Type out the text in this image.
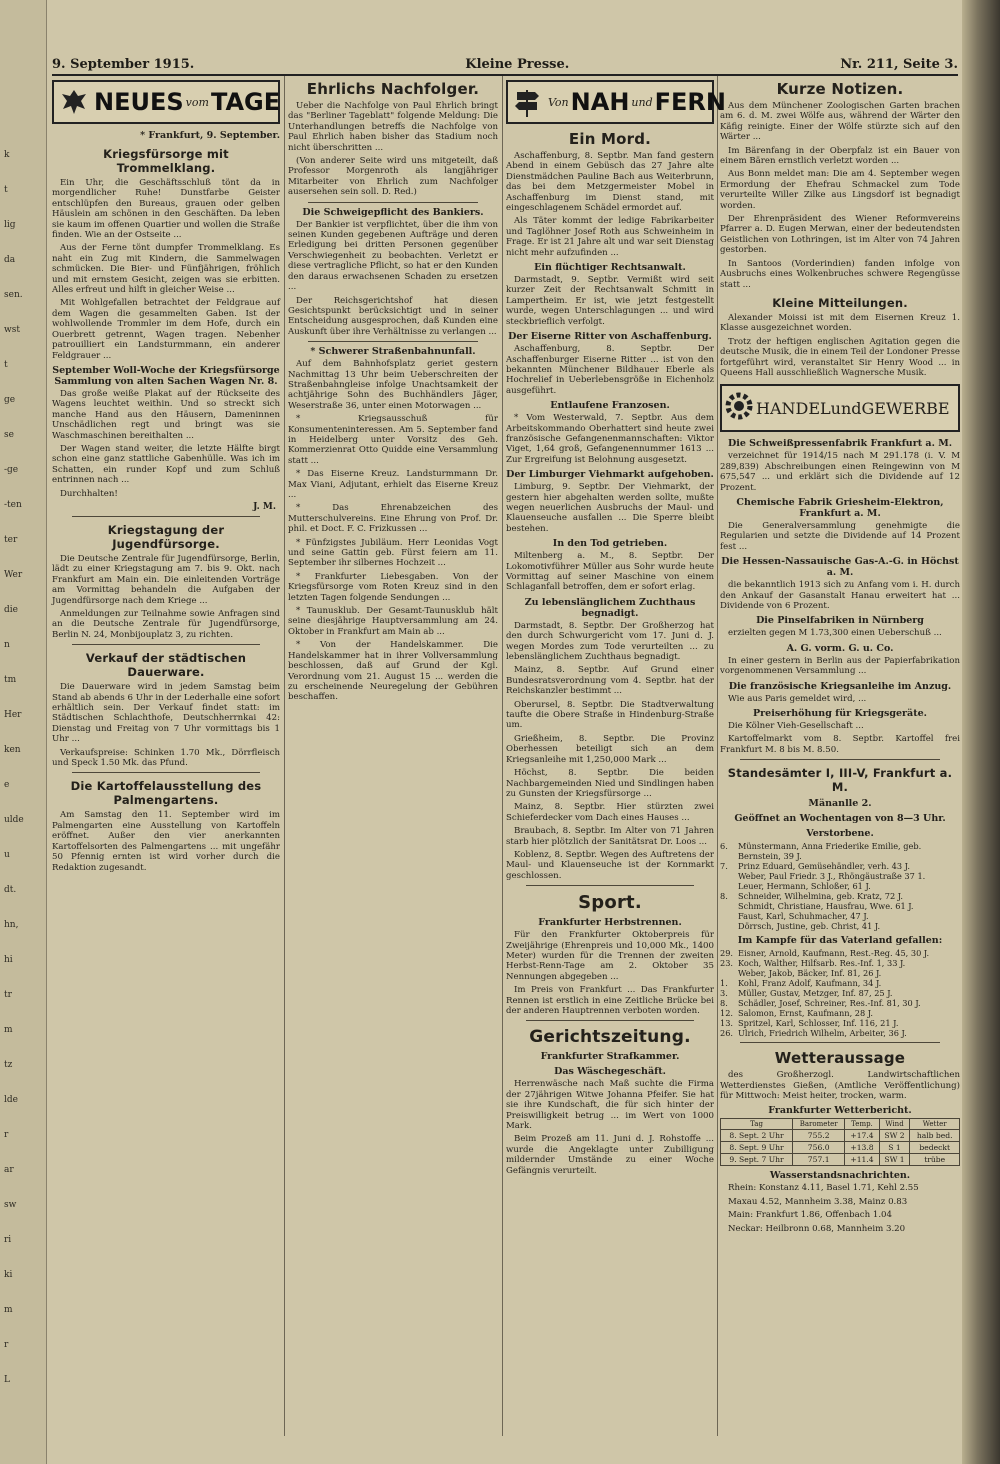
k
t
lig
da
sen.
wst
t
ge
se
-ge
-ten
ter
Wer
die
n
tm
Her
ken
e
ulde
u
dt.
hn,
hi
tr
m
tz
lde
r
ar
sw
ri
ki
m
r
L
9. September 1915.	Kleine Presse.	Nr. 211, Seite 3.
NEUES vom TAGE
* Frankfurt, 9. September.
Kriegsfürsorge mit Trommelklang.

Ein Uhr, die Geschäftsschluß tönt da in morgendlicher Ruhe! Dunstfarbe Geister entschlüpfen den Bureaus, grauen oder gelben Häuslein am schönen in den Geschäften. Da leben sie kaum im offenen Quartier und wollen die Straße finden. Wie an der Ostseite ...

Aus der Ferne tönt dumpfer Trommelklang. Es naht ein Zug mit Kindern, die Sammelwagen schmücken. Die Bier- und Fünfjährigen, fröhlich und mit ernstem Gesicht, zeigen was sie erbitten. Alles erfreut und hilft in gleicher Weise ...

Mit Wohlgefallen betrachtet der Feldgraue auf dem Wagen die gesammelten Gaben. Ist der wohlwollende Trommler im dem Hofe, durch ein Ouerbrett getrennt, Wagen tragen. Nebenher patrouilliert ein Landsturmmann, ein anderer Feldgrauer ...

September Woll-Woche der Kriegsfürsorge Sammlung von alten Sachen Wagen Nr. 8.

Das große weiße Plakat auf der Rückseite des Wagens leuchtet weithin. Und so streckt sich manche Hand aus den Häusern, Dameninnen Unschädlichen regt und bringt was sie Waschmaschinen bereithalten ...

Der Wagen stand weiter, die letzte Hälfte birgt schon eine ganz stattliche Gabenhülle. Was ich im Schatten, ein runder Kopf und zum Schluß entrinnen nach ...

Durchhalten!

J. M.
Kriegstagung der Jugendfürsorge.

Die Deutsche Zentrale für Jugendfürsorge, Berlin, lädt zu einer Kriegstagung am 7. bis 9. Okt. nach Frankfurt am Main ein. Die einleitenden Vorträge am Vormittag behandeln die Aufgaben der Jugendfürsorge nach dem Kriege ...

Anmeldungen zur Teilnahme sowie Anfragen sind an die Deutsche Zentrale für Jugendfürsorge, Berlin N. 24, Monbijouplatz 3, zu richten.

Verkauf der städtischen Dauerware.

Die Dauerware wird in jedem Samstag beim Stand ab abends 6 Uhr in der Lederhalle eine sofort erhältlich sein. Der Verkauf findet statt: im Städtischen Schlachthofe, Deutschherrnkai 42: Dienstag und Freitag von 7 Uhr vormittags bis 1 Uhr ...

Verkaufspreise: Schinken 1.70 Mk., Dörrfleisch und Speck 1.50 Mk. das Pfund.

Die Kartoffelausstellung des Palmengartens.

Am Samstag den 11. September wird im Palmengarten eine Ausstellung von Kartoffeln eröffnet. Außer den vier anerkannten Kartoffelsorten des Palmengartens ... mit ungefähr 50 Pfennig ernten ist wird vorher durch die Redaktion zugesandt.

Ehrlichs Nachfolger.

Ueber die Nachfolge von Paul Ehrlich bringt das "Berliner Tageblatt" folgende Meldung: Die Unterhandlungen betreffs die Nachfolge von Paul Ehrlich haben bisher das Stadium noch nicht überschritten ...

(Von anderer Seite wird uns mitgeteilt, daß Professor Morgenroth als langjähriger Mitarbeiter von Ehrlich zum Nachfolger ausersehen sein soll. D. Red.)

Die Schweigepflicht des Bankiers.

Der Bankier ist verpflichtet, über die ihm von seinen Kunden gegebenen Aufträge und deren Erledigung bei dritten Personen gegenüber Verschwiegenheit zu beobachten. Verletzt er diese vertragliche Pflicht, so hat er den Kunden den daraus erwachsenen Schaden zu ersetzen ...

Der Reichsgerichtshof hat diesen Gesichtspunkt berücksichtigt und in seiner Entscheidung ausgesprochen, daß Kunden eine Auskunft über ihre Verhältnisse zu verlangen ...

* Schwerer Straßenbahnunfall.

Auf dem Bahnhofsplatz geriet gestern Nachmittag 13 Uhr beim Ueberschreiten der Straßenbahngleise infolge Unachtsamkeit der achtjährige Sohn des Buchhändlers Jäger, Weserstraße 36, unter einen Motorwagen ...

* Kriegsausschuß für Konsumenteninteressen. Am 5. September fand in Heidelberg unter Vorsitz des Geh. Kommerzienrat Otto Quidde eine Versammlung statt ...

* Das Eiserne Kreuz. Landsturmmann Dr. Max Viani, Adjutant, erhielt das Eiserne Kreuz ...

* Das Ehrenabzeichen des Mutterschulvereins. Eine Ehrung von Prof. Dr. phil. et Doct. F. C. Frizkussen ...

* Fünfzigstes Jubiläum. Herr Leonidas Vogt und seine Gattin geb. Fürst feiern am 11. September ihr silbernes Hochzeit ...

* Frankfurter Liebesgaben. Von der Kriegsfürsorge vom Roten Kreuz sind in den letzten Tagen folgende Sendungen ...

* Taunusklub. Der Gesamt-Taunusklub hält seine diesjährige Hauptversammlung am 24. Oktober in Frankfurt am Main ab ...

* Von der Handelskammer. Die Handelskammer hat in ihrer Vollversammlung beschlossen, daß auf Grund der Kgl. Verordnung vom 21. August 15 ... werden die zu erscheinende Neuregelung der Gebühren beschaffen.

Von NAH und FERN
Ein Mord.

Aschaffenburg, 8. Septbr. Man fand gestern Abend in einem Gebüsch das 27 Jahre alte Dienstmädchen Pauline Bach aus Weiterbrunn, das bei dem Metzgermeister Mobel in Aschaffenburg im Dienst stand, mit eingeschlagenem Schädel ermordet auf.

Als Täter kommt der ledige Fabrikarbeiter und Taglöhner Josef Roth aus Schweinheim in Frage. Er ist 21 Jahre alt und war seit Dienstag nicht mehr aufzufinden ...

Ein flüchtiger Rechtsanwalt.

Darmstadt, 9. Septbr. Vermißt wird seit kurzer Zeit der Rechtsanwalt Schmitt in Lampertheim. Er ist, wie jetzt festgestellt wurde, wegen Unterschlagungen ... und wird steckbrieflich verfolgt.

Der Eiserne Ritter von Aschaffenburg.

Aschaffenburg, 8. Septbr. Der Aschaffenburger Eiserne Ritter ... ist von den bekannten Münchener Bildhauer Eberle als Hochrelief in Ueberlebensgröße in Eichenholz ausgeführt.

Entlaufene Franzosen.

* Vom Westerwald, 7. Septbr. Aus dem Arbeitskommando Oberhattert sind heute zwei französische Gefangenenmannschaften: Viktor Viget, 1,64 groß, Gefangenennummer 1613 ... Zur Ergreifung ist Belohnung ausgesetzt.

Der Limburger Viehmarkt aufgehoben.

Limburg, 9. Septbr. Der Viehmarkt, der gestern hier abgehalten werden sollte, mußte wegen neuerlichen Ausbruchs der Maul- und Klauenseuche ausfallen ... Die Sperre bleibt bestehen.

In den Tod getrieben.

Miltenberg a. M., 8. Septbr. Der Lokomotivführer Müller aus Sohr wurde heute Vormittag auf seiner Maschine von einem Schlaganfall betroffen, dem er sofort erlag.

Zu lebenslänglichem Zuchthaus begnadigt.

Darmstadt, 8. Septbr. Der Großherzog hat den durch Schwurgericht vom 17. Juni d. J. wegen Mordes zum Tode verurteilten ... zu lebenslänglichem Zuchthaus begnadigt.

Mainz, 8. Septbr. Auf Grund einer Bundesratsverordnung vom 4. Septbr. hat der Reichskanzler bestimmt ...

Oberursel, 8. Septbr. Die Stadtverwaltung taufte die Obere Straße in Hindenburg-Straße um.

Grießheim, 8. Septbr. Die Provinz Oberhessen beteiligt sich an dem Kriegsanleihe mit 1,250,000 Mark ...

Höchst, 8. Septbr. Die beiden Nachbargemeinden Nied und Sindlingen haben zu Gunsten der Kriegsfürsorge ...

Mainz, 8. Septbr. Hier stürzten zwei Schieferdecker vom Dach eines Hauses ...

Braubach, 8. Septbr. Im Alter von 71 Jahren starb hier plötzlich der Sanitätsrat Dr. Loos ...

Koblenz, 8. Septbr. Wegen des Auftretens der Maul- und Klauenseuche ist der Kornmarkt geschlossen.

Sport.
Frankfurter Herbstrennen.

Für den Frankfurter Oktoberpreis für Zweijährige (Ehrenpreis und 10,000 Mk., 1400 Meter) wurden für die Trennen der zweiten Herbst-Renn-Tage am 2. Oktober 35 Nennungen abgegeben ...

Im Preis von Frankfurt ... Das Frankfurter Rennen ist erstlich in eine Zeitliche Brücke bei der anderen Hauptrennen verboten worden.

Gerichtszeitung.
Frankfurter Strafkammer.
Das Wäschegeschäft.

Herrenwäsche nach Maß suchte die Firma der 27jährigen Witwe Johanna Pfeifer. Sie hat sie ihre Kundschaft, die für sich hinter der Preiswilligkeit betrug ... im Wert von 1000 Mark.

Beim Prozeß am 11. Juni d. J. Rohstoffe ... wurde die Angeklagte unter Zubilligung mildernder Umstände zu einer Woche Gefängnis verurteilt.

Kurze Notizen.

Aus dem Münchener Zoologischen Garten brachen am 6. d. M. zwei Wölfe aus, während der Wärter den Käfig reinigte. Einer der Wölfe stürzte sich auf den Wärter ...

Im Bärenfang in der Oberpfalz ist ein Bauer von einem Bären ernstlich verletzt worden ...

Aus Bonn meldet man: Die am 4. September wegen Ermordung der Ehefrau Schmackel zum Tode verurteilte Willer Zilke aus Lingsdorf ist begnadigt worden.

Der Ehrenpräsident des Wiener Reformvereins Pfarrer a. D. Eugen Merwan, einer der bedeutendsten Geistlichen von Lothringen, ist im Alter von 74 Jahren gestorben.

In Santoos (Vorderindien) fanden infolge von Ausbruchs eines Wolkenbruches schwere Regengüsse statt ...

Kleine Mitteilungen.

Alexander Moissi ist mit dem Eisernen Kreuz 1. Klasse ausgezeichnet worden.

Trotz der heftigen englischen Agitation gegen die deutsche Musik, die in einem Teil der Londoner Presse fortgeführt wird, veranstaltet Sir Henry Wood ... in Queens Hall ausschließlich Wagnersche Musik.

HANDEL und GEWERBE
Die Schweißpressenfabrik Frankfurt a. M.

verzeichnet für 1914/15 nach M 291.178 (i. V. M 289,839) Abschreibungen einen Reingewinn von M 675,547 ... und erklärt sich die Dividende auf 12 Prozent.

Chemische Fabrik Griesheim-Elektron, Frankfurt a. M.

Die Generalversammlung genehmigte die Regularien und setzte die Dividende auf 14 Prozent fest ...

Die Hessen-Nassauische Gas-A.-G. in Höchst a. M.

die bekanntlich 1913 sich zu Anfang vom i. H. durch den Ankauf der Gasanstalt Hanau erweitert hat ... Dividende von 6 Prozent.

Die Pinselfabriken in Nürnberg

erzielten gegen M 1.73,300 einen Ueberschuß ...

A. G. vorm. G. u. Co.

In einer gestern in Berlin aus der Papierfabrikation vorgenommenen Versammlung ...

Die französische Kriegsanleihe im Anzug.

Wie aus Paris gemeldet wird, ...

Preiserhöhung für Kriegsgeräte.

Die Kölner Vieh-Gesellschaft ...

Kartoffelmarkt vom 8. Septbr. Kartoffel frei Frankfurt M. 8 bis M. 8.50.

Standesämter I, III-V, Frankfurt a. M.
Mänanlle 2.
Geöffnet an Wochentagen von 8—3 Uhr.
Verstorbene.
6.	Münstermann, Anna Friederike Emilie, geb. Bernstein, 39 J.
7.	Prinz Eduard, Gemüsehändler, verh. 43 J.
Weber, Paul Friedr. 3 J., Rhöngäustraße 37 1.
Leuer, Hermann, Schloßer, 61 J.
8.	Schneider, Wilhelmina, geb. Kratz, 72 J.
Schmidt, Christiane, Hausfrau, Wwe. 61 J.
Faust, Karl, Schuhmacher, 47 J.
Dörrsch, Justine, geb. Christ, 41 J.
Im Kampfe für das Vaterland gefallen:
29. Eisner, Arnold, Kaufmann, Rest.-Reg. 45, 30 J.
23. Koch, Walther, Hilfsarb. Res.-Inf. 1, 33 J.
Weber, Jakob, Bäcker, Inf. 81, 26 J.
1.	Kohl, Franz Adolf, Kaufmann, 34 J.
3.	Müller, Gustav, Metzger, Inf. 87, 25 J.
8.	Schädler, Josef, Schreiner, Res.-Inf. 81, 30 J.
12. Salomon, Ernst, Kaufmann, 28 J.
13. Spritzel, Karl, Schlosser, Inf. 116, 21 J.
26. Ulrich, Friedrich Wilhelm, Arbeiter, 36 J.
Wetteraussage

des Großherzogl. Landwirtschaftlichen Wetterdienstes Gießen, (Amtliche Veröffentlichung) für Mittwoch: Meist heiter, trocken, warm.

Frankfurter Wetterbericht.
Tag	Barometer	Temp.	Wind	Wetter
8. Sept. 2 Uhr	755.2	+17.4	SW 2	halb bed.
8. Sept. 9 Uhr	756.0	+13.8	S 1	bedeckt
9. Sept. 7 Uhr	757.1	+11.4	SW 1	trübe
Wasserstandsnachrichten.

Rhein: Konstanz 4.11, Basel 1.71, Kehl 2.55

Maxau 4.52, Mannheim 3.38, Mainz 0.83

Main: Frankfurt 1.86, Offenbach 1.04

Neckar: Heilbronn 0.68, Mannheim 3.20
